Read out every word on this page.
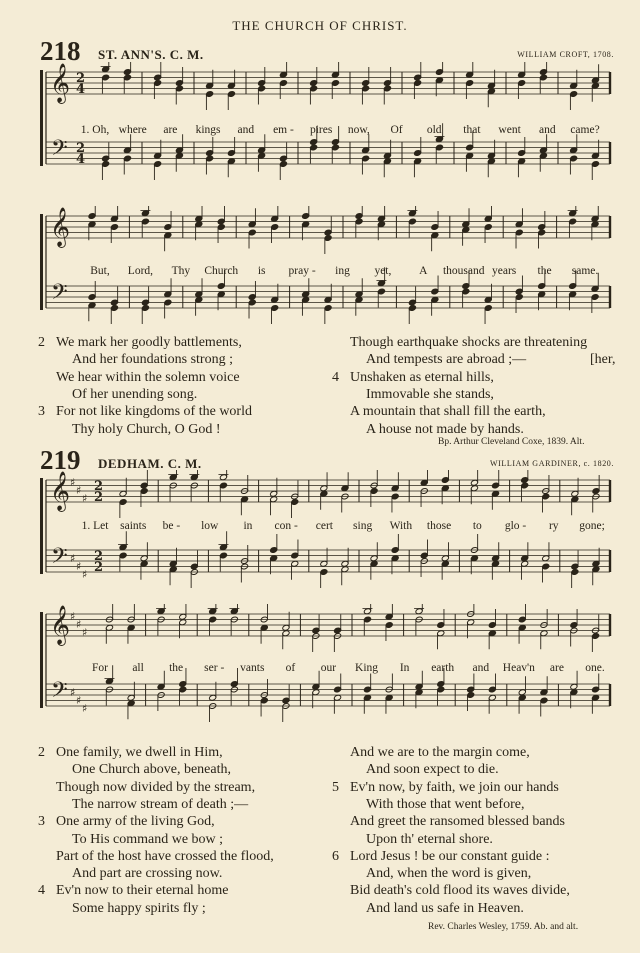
THE CHURCH OF CHRIST.
218 ST. ANN'S. C. M.	WILLIAM CROFT, 1708.
𝄞
𝄢
2
2
4
4
1. Oh, where are kings and em - pires now, Of old that went and came?
𝄞
𝄢
But, Lord, Thy Church is pray - ing yet, A thousand years the same.
We mark her goodly battlements,
2
And her foundations strong ;
We hear within the solemn voice
Of her unending song.
For not like kingdoms of the world
3
Thy holy Church, O God !
Though earthquake shocks are threatening
And tempests are abroad ;—	[her,
Unshaken as eternal hills,
4
Immovable she stands,
A mountain that shall fill the earth,
A house not made by hands.
Bp. Arthur Cleveland Coxe, 1839. Alt.
219 DEDHAM. C. M.	WILLIAM GARDINER, c. 1820.
𝄞
𝄢
♯
♯
♯
♯
♯
♯
2
2
2
2
1. Let saints be - low in con - cert sing With those to glo - ry gone;
𝄞
𝄢
♯
♯
♯
♯
♯
♯
For all the ser - vants of our King In earth and Heav'n are one.
One family, we dwell in Him,
2
One Church above, beneath,
Though now divided by the stream,
The narrow stream of death ;—
One army of the living God,
3
To His command we bow ;
Part of the host have crossed the flood,
And part are crossing now.
Ev'n now to their eternal home
4
Some happy spirits fly ;
And we are to the margin come,
And soon expect to die.
Ev'n now, by faith, we join our hands
5
With those that went before,
And greet the ransomed blessed bands
Upon th' eternal shore.
Lord Jesus ! be our constant guide :
6
And, when the word is given,
Bid death's cold flood its waves divide,
And land us safe in Heaven.
Rev. Charles Wesley, 1759. Ab. and alt.
